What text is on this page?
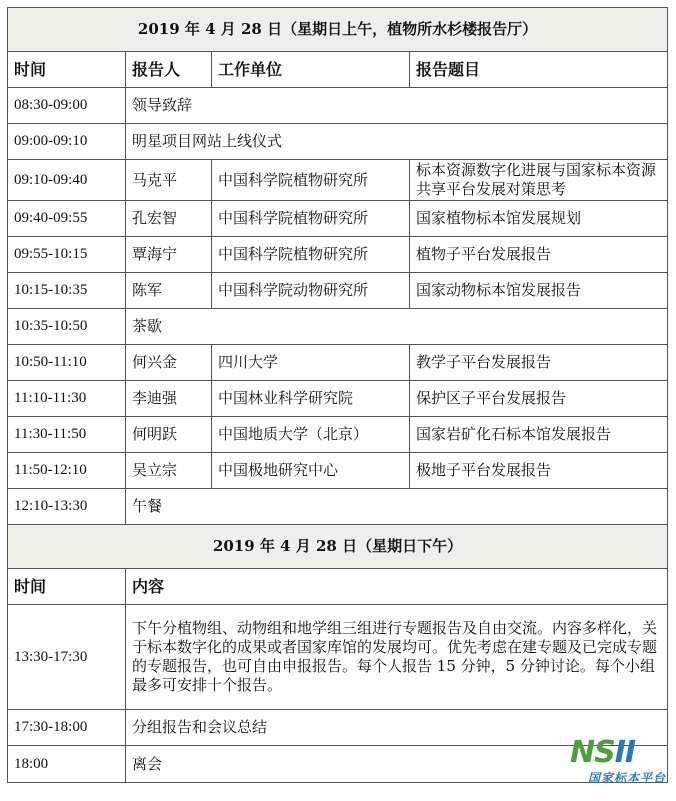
2019 年 4 月 28 日（星期日上午，植物所水杉楼报告厅）			
时间	报告人	工作单位	报告题目
08:30-09:00	领导致辞		
09:00-09:10	明星项目网站上线仪式		
09:10-09:40	马克平	中国科学院植物研究所	标本资源数字化进展与国家标本资源共享平台发展对策思考
09:40-09:55	孔宏智	中国科学院植物研究所	国家植物标本馆发展规划
09:55-10:15	覃海宁	中国科学院植物研究所	植物子平台发展报告
10:15-10:35	陈军	中国科学院动物研究所	国家动物标本馆发展报告
10:35-10:50	茶歇		
10:50-11:10	何兴金	四川大学	教学子平台发展报告
11:10-11:30	李迪强	中国林业科学研究院	保护区子平台发展报告
11:30-11:50	何明跃	中国地质大学（北京）	国家岩矿化石标本馆发展报告
11:50-12:10	吴立宗	中国极地研究中心	极地子平台发展报告
12:10-13:30	午餐		
2019 年 4 月 28 日（星期日下午）			
时间	内容		
13:30-17:30	下午分植物组、动物组和地学组三组进行专题报告及自由交流。内容多样化，关于标本数字化的成果或者国家库馆的发展均可。优先考虑在建专题及已完成专题的专题报告，也可自由申报报告。每个人报告 15 分钟，5 分钟讨论。每个小组最多可安排十个报告。		
17:30-18:00	分组报告和会议总结		
18:00	离会			NSII
国家标本平台
